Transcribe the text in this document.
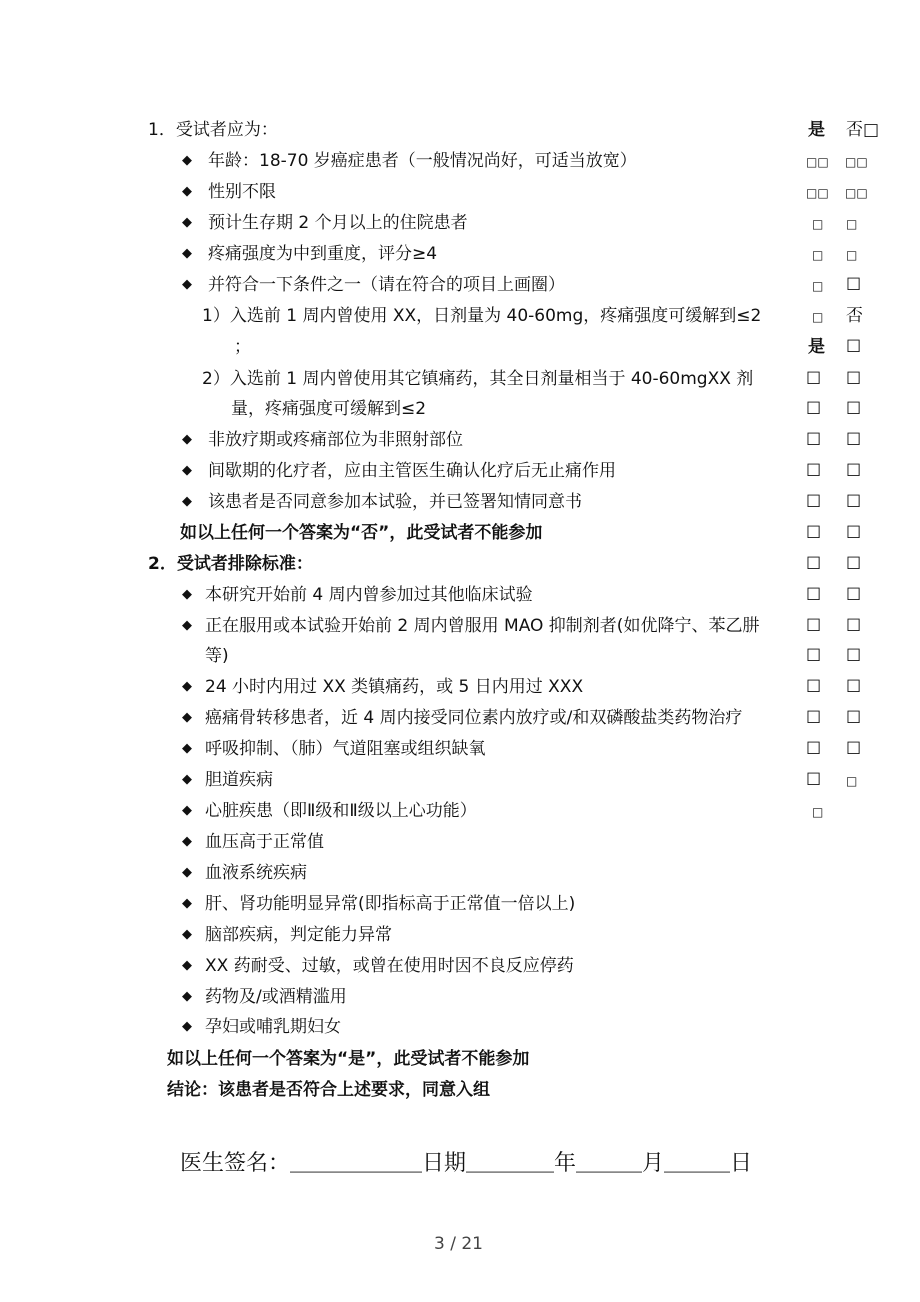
1．受试者应为：	是 否□
◆ 年龄：18-70 岁癌症患者（一般情况尚好，可适当放宽）
◆ 性别不限
◆ 预计生存期 2 个月以上的住院患者
◆ 疼痛强度为中到重度，评分≥4
◆ 并符合一下条件之一（请在符合的项目上画圈）
1）入选前 1 周内曾使用 XX，日剂量为 40-60mg，疼痛强度可缓解到≤2
；
2）入选前 1 周内曾使用其它镇痛药，其全日剂量相当于 40-60mgXX 剂
量，疼痛强度可缓解到≤2
◆ 非放疗期或疼痛部位为非照射部位
◆ 间歇期的化疗者，应由主管医生确认化疗后无止痛作用
◆ 该患者是否同意参加本试验，并已签署知情同意书
如以上任何一个答案为“否”，此受试者不能参加
2．受试者排除标准：
◆ 本研究开始前 4 周内曾参加过其他临床试验
◆ 正在服用或本试验开始前 2 周内曾服用 MAO 抑制剂者(如优降宁、苯乙肼
等)
◆ 24 小时内用过 XX 类镇痛药，或 5 日内用过 XXX
◆ 癌痛骨转移患者，近 4 周内接受同位素内放疗或/和双磷酸盐类药物治疗
◆ 呼吸抑制、（肺）气道阻塞或组织缺氧
◆ 胆道疾病
◆ 心脏疾患（即Ⅱ级和Ⅱ级以上心功能）
◆ 血压高于正常值
◆ 血液系统疾病
◆ 肝、肾功能明显异常(即指标高于正常值一倍以上)
◆ 脑部疾病，判定能力异常
◆ XX 药耐受、过敏，或曾在使用时因不良反应停药
◆ 药物及/或酒精滥用
◆ 孕妇或哺乳期妇女
如以上任何一个答案为“是”，此受试者不能参加
结论：该患者是否符合上述要求，同意入组
□□ □□
□□ □□
□ □
□ □
□ ☐
□ 否
是 ☐
☐ ☐
☐ ☐
☐ ☐
☐ ☐
☐ ☐
☐ ☐
☐ ☐
☐ ☐
☐ ☐
☐ ☐
☐ ☐
☐ ☐
☐ ☐
☐ □
□
医生签名：＿＿＿＿＿＿日期＿＿＿＿年＿＿＿月＿＿＿日
3 / 21
